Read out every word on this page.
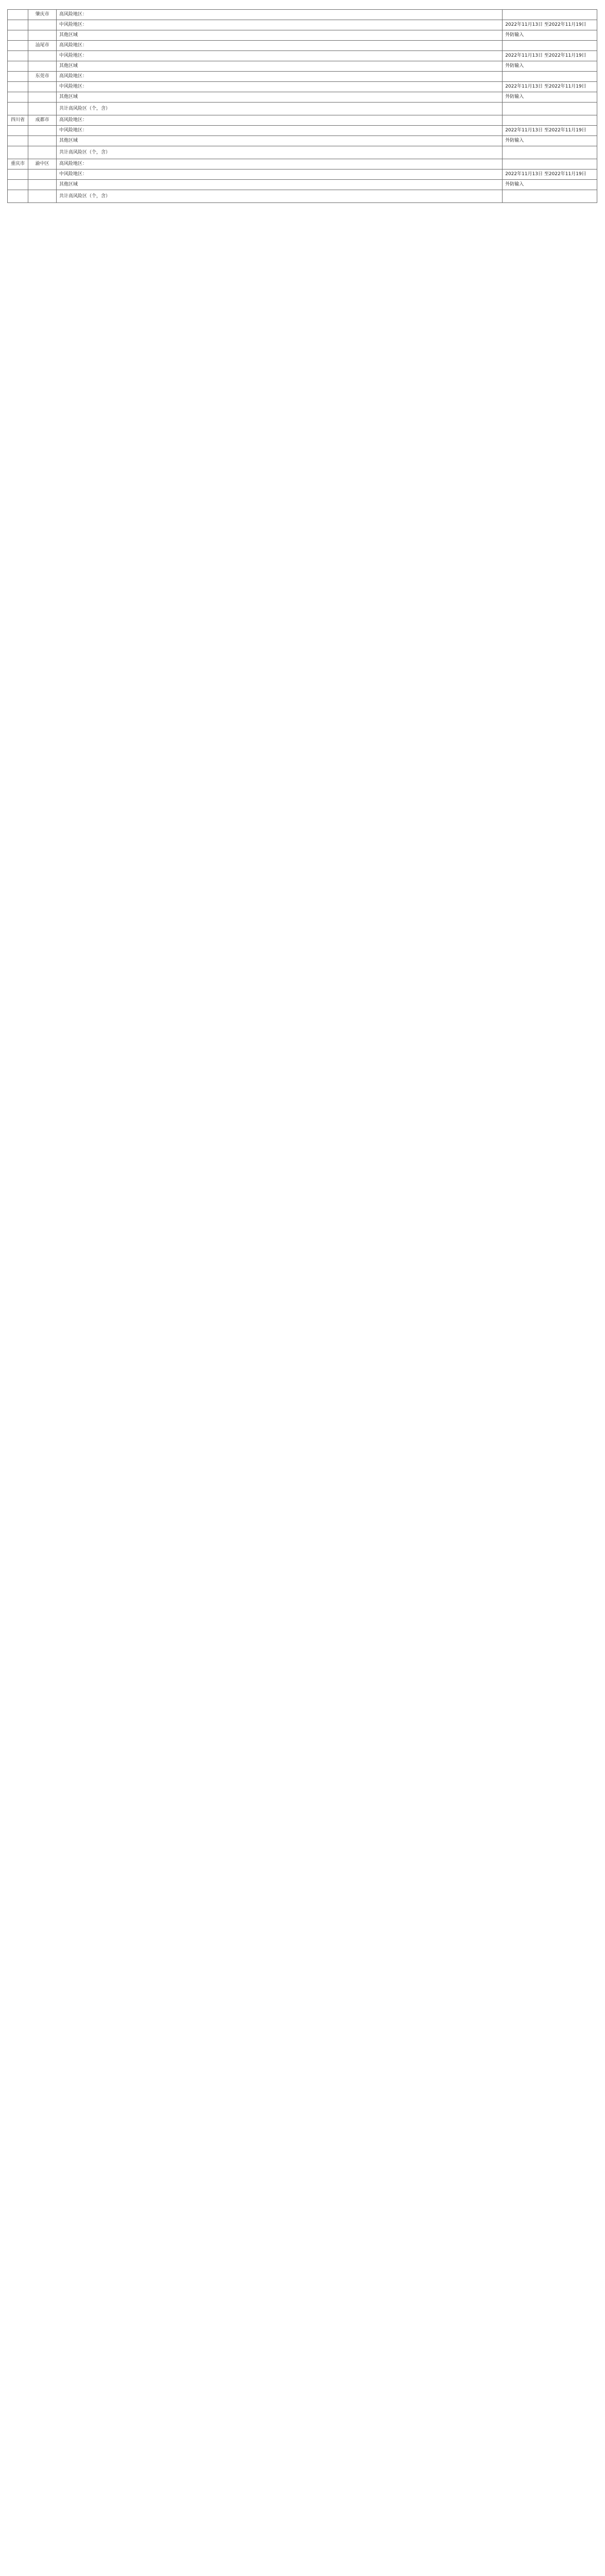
	肇庆市	高风险地区：	
		中风险地区：	2022年11月13日 至2022年11月19日
		其他区域	外防输入
	汕尾市	高风险地区：	
		中风险地区：	2022年11月13日 至2022年11月19日
		其他区域	外防输入
	东莞市	高风险地区：	
		中风险地区：	2022年11月13日 至2022年11月19日
		其他区域	外防输入
		共计高风险区（个，含）	
四川省	成都市	高风险地区：	
		中风险地区：	2022年11月13日 至2022年11月19日
		其他区域	外防输入
		共计高风险区（个，含）	
重庆市	渝中区	高风险地区：	
		中风险地区：	2022年11月13日 至2022年11月19日
		其他区域	外防输入
		共计高风险区（个，含）	
